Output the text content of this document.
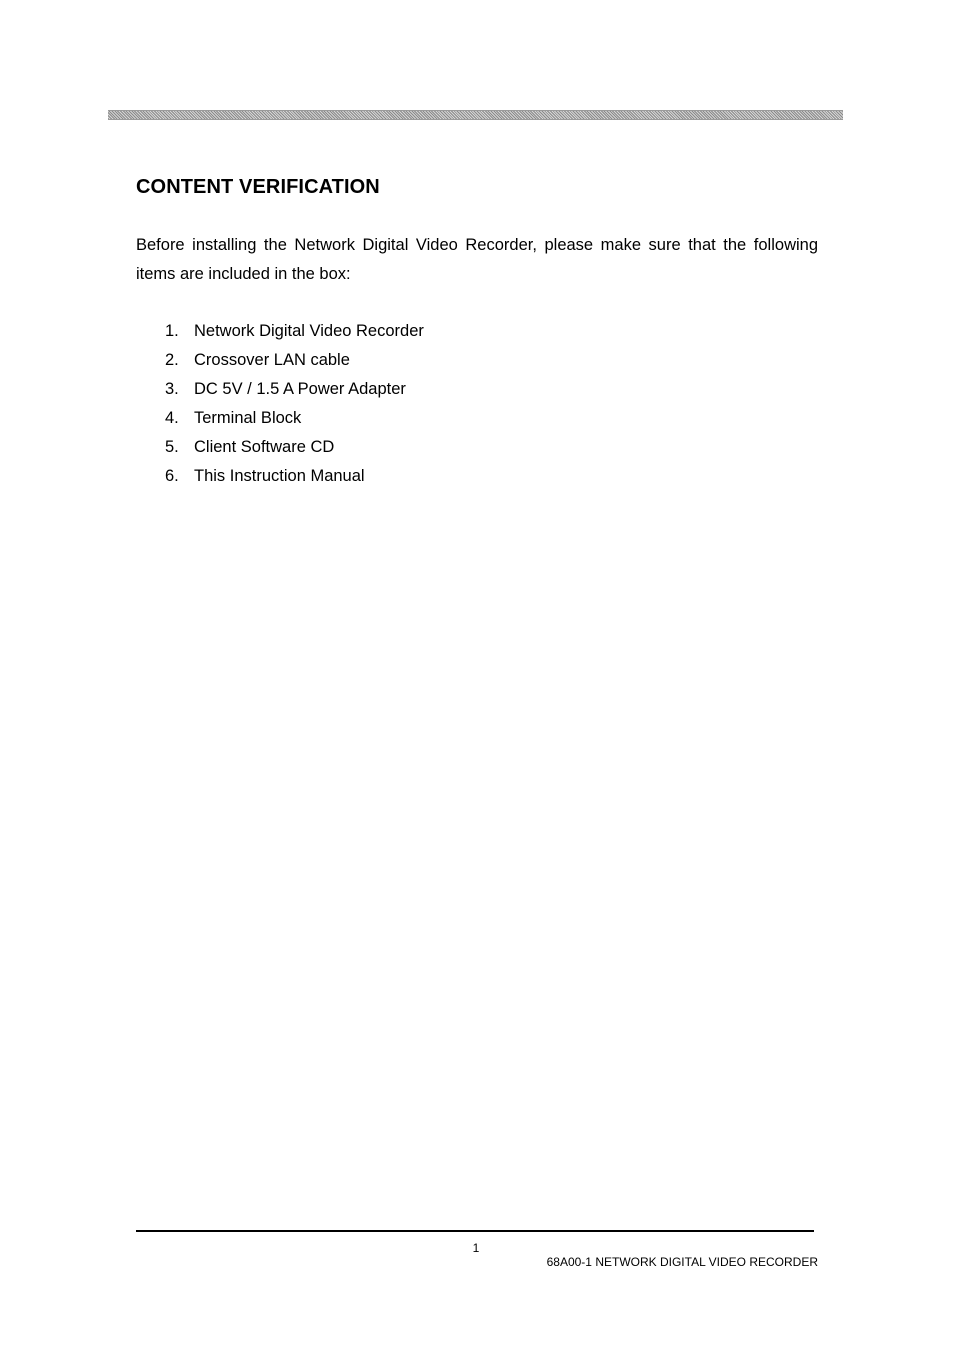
CONTENT VERIFICATION

Before installing the Network Digital Video Recorder, please make sure that the following items are included in the box:

1. Network Digital Video Recorder
2. Crossover LAN cable
3. DC 5V / 1.5 A Power Adapter
4. Terminal Block
5. Client Software CD
6. This Instruction Manual
1
68A00-1 NETWORK DIGITAL VIDEO RECORDER
